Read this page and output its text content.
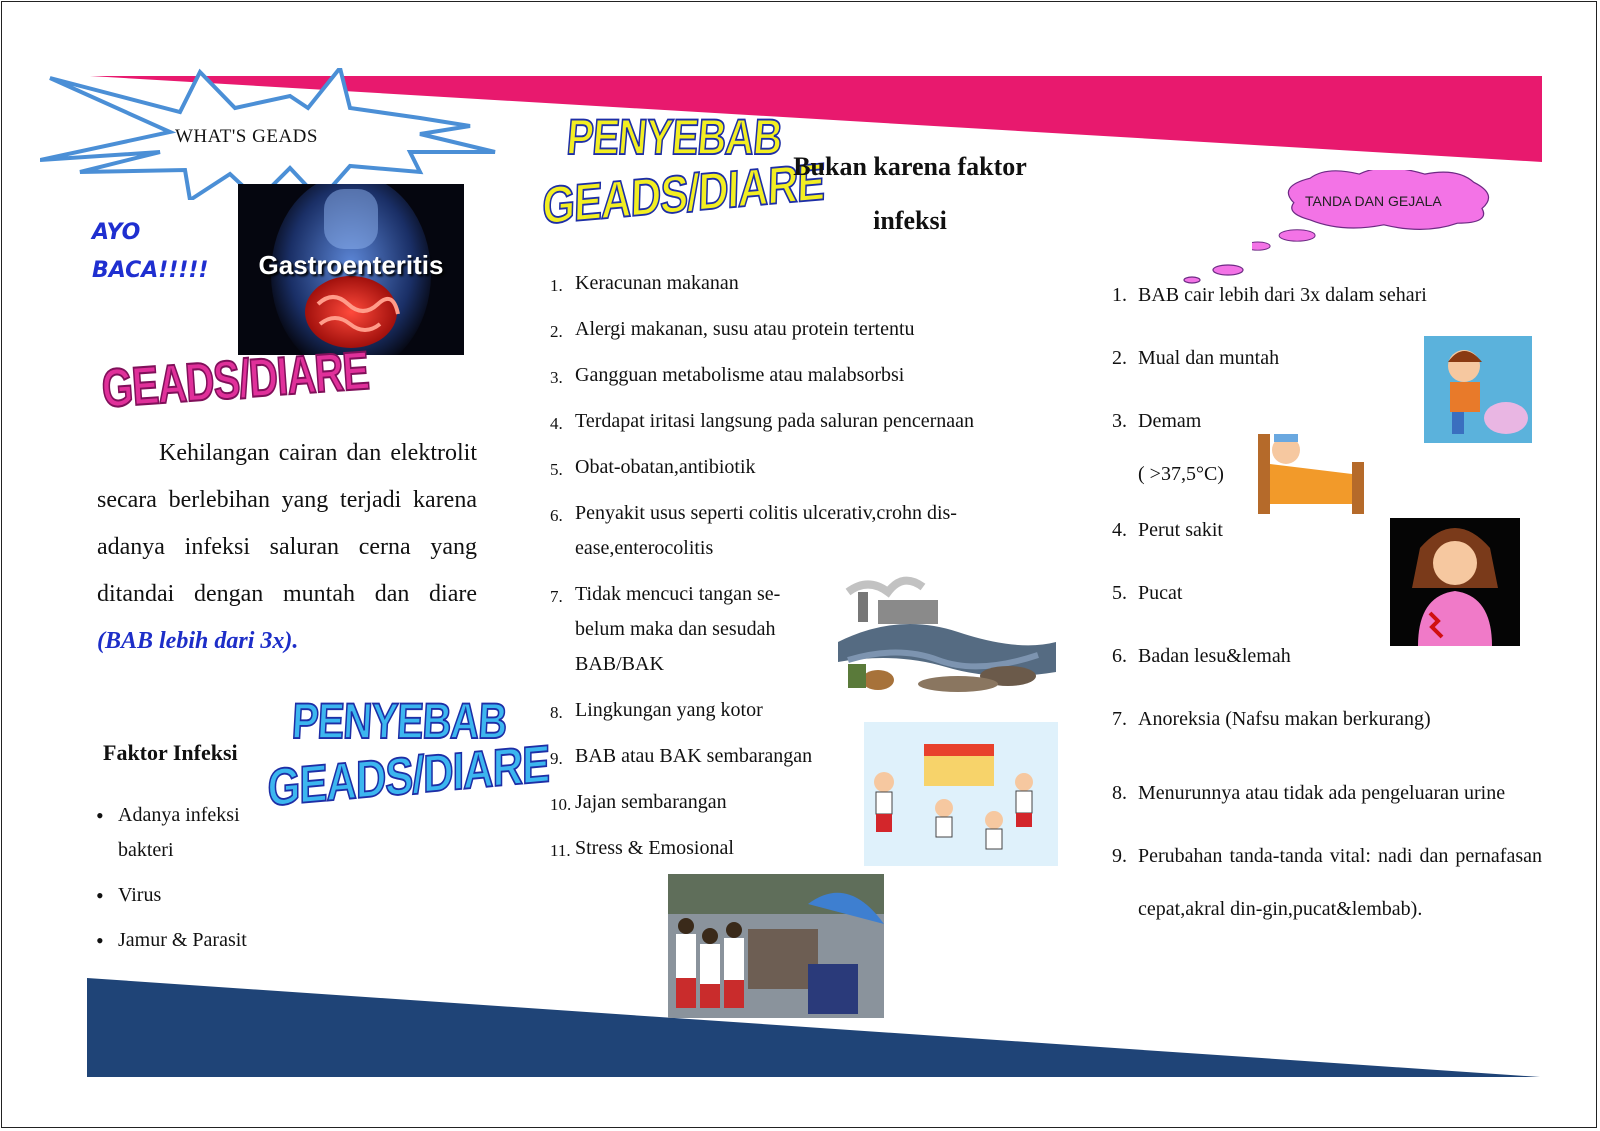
WHAT'S GEADS
AYO
BACA!!!!!	Gastroenteritis
GEADS/DIARE
PENYEBAB
GEADS/DIARE
PENYEBAB
GEADS/DIARE
Kehilangan cairan dan elektrolit secara berlebihan yang terjadi karena adanya infeksi saluran cerna yang ditandai dengan muntah dan diare (BAB lebih dari 3x).
Faktor Infeksi
• Adanya infeksi bakteri
• Virus
• Jamur & Parasit
Bukan karena faktor
infeksi
1. Keracunan makanan
2. Alergi makanan, susu atau protein tertentu
3. Gangguan metabolisme atau malabsorbsi
4. Terdapat iritasi langsung pada saluran pencernaan
5. Obat-obatan,antibiotik
6. Penyakit usus seperti colitis ulcerativ,crohn dis-ease,enterocolitis
7. Tidak mencuci tangan se-belum maka dan sesudah BAB/BAK
8. Lingkungan yang kotor
9. BAB atau BAK sembarangan
10. Jajan sembarangan
11. Stress & Emosional
TANDA DAN GEJALA
1. BAB cair lebih dari 3x dalam sehari
2. Mual dan muntah
3. Demam
( >37,5°C)
4. Perut sakit
5. Pucat
6. Badan lesu&lemah
7. Anoreksia (Nafsu makan berkurang)
8. Menurunnya atau tidak ada pengeluaran urine
9. Perubahan tanda-tanda vital: nadi dan pernafasan cepat,akral din-gin,pucat&lembab).
